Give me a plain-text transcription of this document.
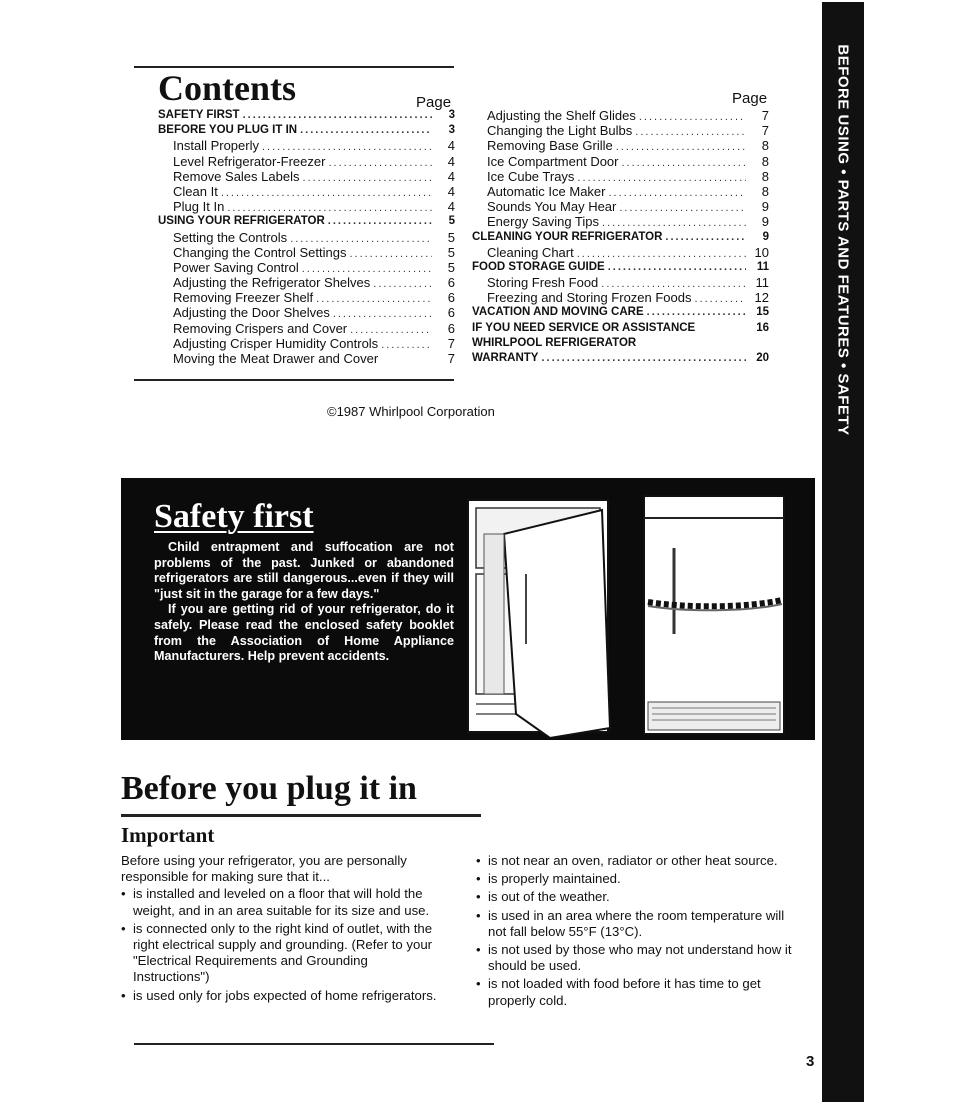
Contents	Page
SAFETY FIRST .....	3
BEFORE YOU PLUG IT IN .....	3
Install Properly .....	4
Level Refrigerator-Freezer .....	4
Remove Sales Labels .....	4
Clean It .....	4
Plug It In .....	4
USING YOUR REFRIGERATOR .....	5
Setting the Controls .....	5
Changing the Control Settings .....	5
Power Saving Control .....	5
Adjusting the Refrigerator Shelves .....	6
Removing Freezer Shelf .....	6
Adjusting the Door Shelves .....	6
Removing Crispers and Cover .....	6
Adjusting Crisper Humidity Controls .....	7
Moving the Meat Drawer and Cover	7
Page
Adjusting the Shelf Glides .....	7
Changing the Light Bulbs .....	7
Removing Base Grille .....	8
Ice Compartment Door .....	8
Ice Cube Trays .....	8
Automatic Ice Maker .....	8
Sounds You May Hear .....	9
Energy Saving Tips .....	9
CLEANING YOUR REFRIGERATOR .....	9
Cleaning Chart .....	10
FOOD STORAGE GUIDE .....	11
Storing Fresh Food .....	11
Freezing and Storing Frozen Foods .....	12
VACATION AND MOVING CARE .....	15
IF YOU NEED SERVICE OR ASSISTANCE	16
WHIRLPOOL REFRIGERATOR
WARRANTY .....	20
©1987 Whirlpool Corporation
Safety first

Child entrapment and suffocation are not problems of the past. Junked or abandoned refrigerators are still dangerous...even if they will "just sit in the garage for a few days."

If you are getting rid of your refrigerator, do it safely. Please read the enclosed safety booklet from the Association of Home Appliance Manufacturers. Help prevent accidents.

Before you plug it in
Important

Before using your refrigerator, you are personally responsible for making sure that it...

• is installed and leveled on a floor that will hold the weight, and in an area suitable for its size and use.
• is connected only to the right kind of outlet, with the right electrical supply and grounding. (Refer to your "Electrical Requirements and Grounding Instructions")
• is used only for jobs expected of home refrigerators.
• is not near an oven, radiator or other heat source.
• is properly maintained.
• is out of the weather.
• is used in an area where the room temperature will not fall below 55°F (13°C).
• is not used by those who may not understand how it should be used.
• is not loaded with food before it has time to get properly cold.
BEFORE USING • PARTS AND FEATURES • SAFETY
3
